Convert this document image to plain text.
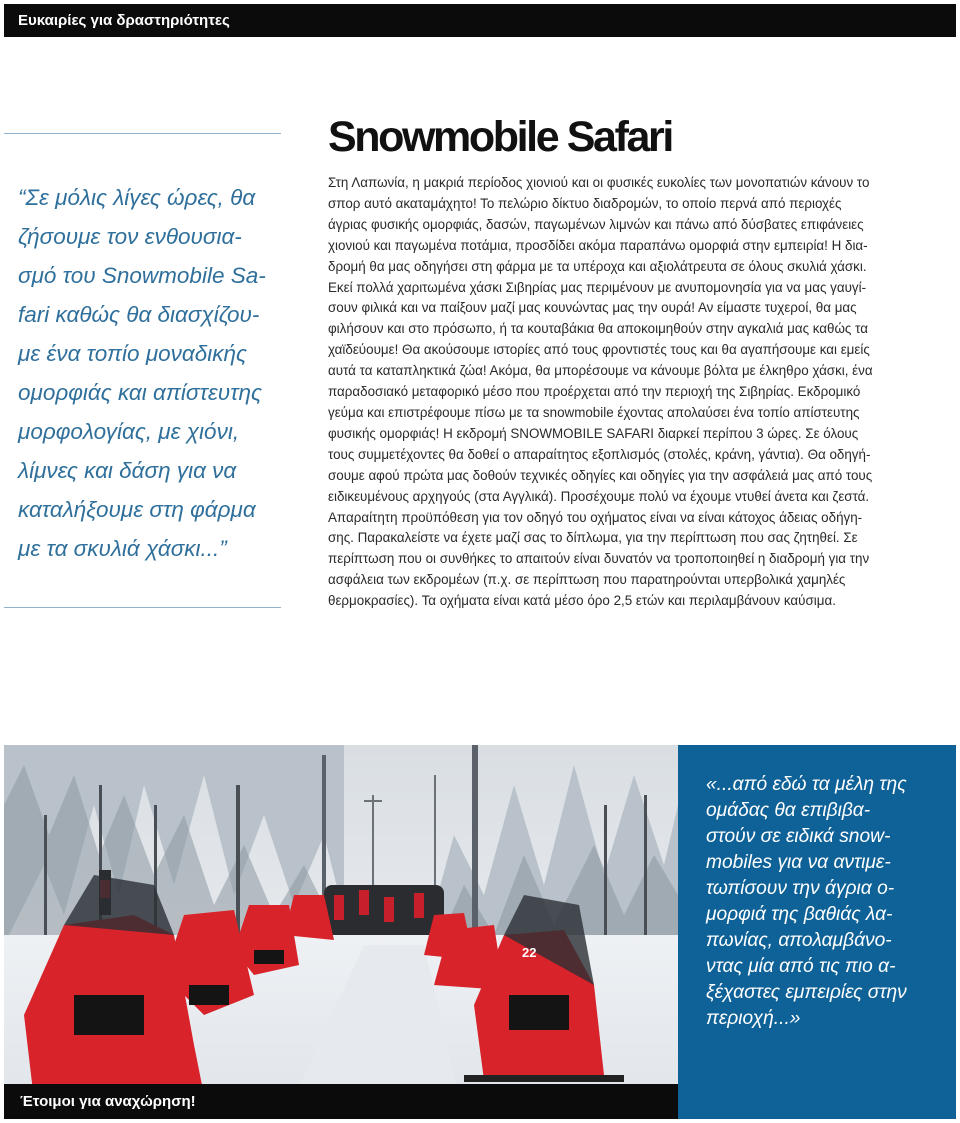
Ευκαιρίες για δραστηριότητες
“Σε μόλις λίγες ώρες, θα
ζήσουμε τον ενθουσια-
σμό του Snowmobile Sa-
fari καθώς θα διασχίζου-
με ένα τοπίο μοναδικής
ομορφιάς και απίστευτης
μορφολογίας, με χιόνι,
λίμνες και δάση για να
καταλήξουμε στη φάρμα
με τα σκυλιά χάσκι...”
Snowmobile Safari
Στη Λαπωνία, η μακριά περίοδος χιονιού και οι φυσικές ευκολίες των μονοπατιών κάνουν το
σπορ αυτό ακαταμάχητο! Το πελώριο δίκτυο διαδρομών, το οποίο περνά από περιοχές
άγριας φυσικής ομορφιάς, δασών, παγωμένων λιμνών και πάνω από δύσβατες επιφάνειες
χιονιού και παγωμένα ποτάμια, προσδίδει ακόμα παραπάνω ομορφιά στην εμπειρία! Η δια-
δρομή θα μας οδηγήσει στη φάρμα με τα υπέροχα και αξιολάτρευτα σε όλους σκυλιά χάσκι.
Εκεί πολλά χαριτωμένα χάσκι Σιβηρίας μας περιμένουν με ανυπομονησία για να μας γαυγί-
σουν φιλικά και να παίξουν μαζί μας κουνώντας μας την ουρά! Αν είμαστε τυχεροί, θα μας
φιλήσουν και στο πρόσωπο, ή τα κουταβάκια θα αποκοιμηθούν στην αγκαλιά μας καθώς τα
χαϊδεύουμε! Θα ακούσουμε ιστορίες από τους φροντιστές τους και θα αγαπήσουμε και εμείς
αυτά τα καταπληκτικά ζώα! Ακόμα, θα μπορέσουμε να κάνουμε βόλτα με έλκηθρο χάσκι, ένα
παραδοσιακό μεταφορικό μέσο που προέρχεται από την περιοχή της Σιβηρίας. Εκδρομικό
γεύμα και επιστρέφουμε πίσω με τα snowmobile έχοντας απολαύσει ένα τοπίο απίστευτης
φυσικής ομορφιάς! Η εκδρομή SNOWMOBILE SAFARI διαρκεί περίπου 3 ώρες. Σε όλους
τους συμμετέχοντες θα δοθεί ο απαραίτητος εξοπλισμός (στολές, κράνη, γάντια). Θα οδηγή-
σουμε αφού πρώτα μας δοθούν τεχνικές οδηγίες και οδηγίες για την ασφάλειά μας από τους
ειδικευμένους αρχηγούς (στα Αγγλικά). Προσέχουμε πολύ να έχουμε ντυθεί άνετα και ζεστά.
Απαραίτητη προϋπόθεση για τον οδηγό του οχήματος είναι να είναι κάτοχος άδειας οδήγη-
σης. Παρακαλείστε να έχετε μαζί σας το δίπλωμα, για την περίπτωση που σας ζητηθεί. Σε
περίπτωση που οι συνθήκες το απαιτούν είναι δυνατόν να τροποποιηθεί η διαδρομή για την
ασφάλεια των εκδρομέων (π.χ. σε περίπτωση που παρατηρούνται υπερβολικά χαμηλές
θερμοκρασίες). Τα οχήματα είναι κατά μέσο όρο 2,5 ετών και περιλαμβάνουν καύσιμα.
22
Έτοιμοι για αναχώρηση!
«...από εδώ τα μέλη της
ομάδας θα επιβιβα-
στούν σε ειδικά snow-
mobiles για να αντιμε-
τωπίσουν την άγρια ο-
μορφιά της βαθιάς λα-
πωνίας, απολαμβάνο-
ντας μία από τις πιο α-
ξέχαστες εμπειρίες στην
περιοχή...»
